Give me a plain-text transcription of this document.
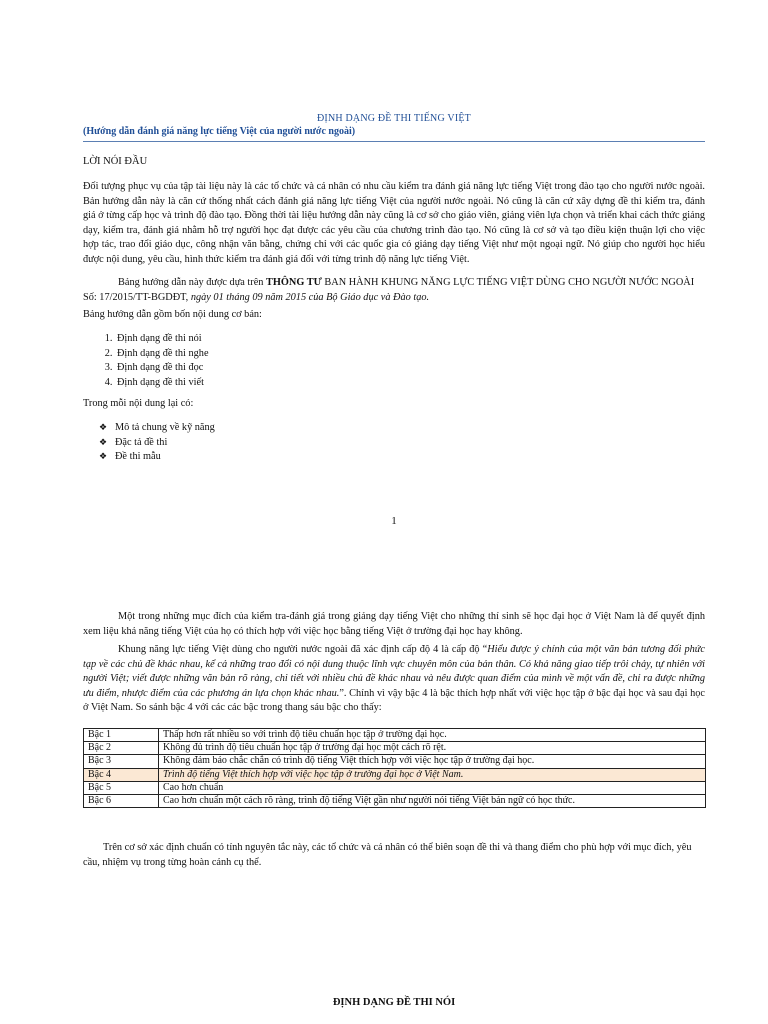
ĐỊNH DẠNG ĐỀ THI TIẾNG VIỆT
(Hướng dẫn đánh giá năng lực tiếng Việt của người nước ngoài)
LỜI NÓI ĐẦU

Đối tượng phục vụ của tập tài liệu này là các tổ chức và cá nhân có nhu cầu kiểm tra đánh giá năng lực tiếng Việt trong đào tạo cho người nước ngoài. Bản hướng dẫn này là căn cứ thống nhất cách đánh giá năng lực tiếng Việt của người nước ngoài. Nó cũng là căn cứ xây dựng đề thi kiểm tra, đánh giá ở từng cấp học và trình độ đào tạo. Đồng thời tài liệu hướng dẫn này cũng là cơ sở cho giáo viên, giảng viên lựa chọn và triển khai cách thức giảng dạy, kiểm tra, đánh giá nhằm hỗ trợ người học đạt được các yêu cầu của chương trình đào tạo. Nó cũng là cơ sở và tạo điều kiện thuận lợi cho việc hợp tác, trao đổi giáo dục, công nhận văn bằng, chứng chỉ với các quốc gia có giảng dạy tiếng Việt như một ngoại ngữ. Nó giúp cho người học hiểu được nội dung, yêu cầu, hình thức kiểm tra đánh giá đối với từng trình độ năng lực tiếng Việt.

Bảng hướng dẫn này được dựa trên THÔNG TƯ BAN HÀNH KHUNG NĂNG LỰC TIẾNG VIỆT DÙNG CHO NGƯỜI NƯỚC NGOÀI Số: 17/2015/TT-BGDĐT, ngày 01 tháng 09 năm 2015 của Bộ Giáo dục và Đào tạo.

Bảng hướng dẫn gồm bốn nội dung cơ bản:

1. Định dạng đề thi nói
2. Định dạng đề thi nghe
3. Định dạng đề thi đọc
4. Định dạng đề thi viết

Trong mỗi nội dung lại có:

❖ Mô tả chung về kỹ năng
❖ Đặc tả đề thi
❖ Đề thi mẫu
1

Một trong những mục đích của kiểm tra-đánh giá trong giảng dạy tiếng Việt cho những thí sinh sẽ học đại học ở Việt Nam là để quyết định xem liệu khả năng tiếng Việt của họ có thích hợp với việc học bằng tiếng Việt ở trường đại học hay không.

Khung năng lực tiếng Việt dùng cho người nước ngoài đã xác định cấp độ 4 là cấp độ “Hiểu được ý chính của một văn bản tương đối phức tạp về các chủ đề khác nhau, kể cả những trao đổi có nội dung thuộc lĩnh vực chuyên môn của bản thân. Có khả năng giao tiếp trôi chảy, tự nhiên với người Việt; viết được những văn bản rõ ràng, chi tiết với nhiều chủ đề khác nhau và nêu được quan điểm của mình về một vấn đề, chỉ ra được những ưu điểm, nhược điểm của các phương án lựa chọn khác nhau.”. Chính vì vậy bậc 4 là bậc thích hợp nhất với việc học tập ở bậc đại học và sau đại học ở Việt Nam. So sánh bậc 4 với các các bậc trong thang sáu bậc cho thấy:

Bậc 1	Thấp hơn rất nhiều so với trình độ tiêu chuẩn học tập ở trường đại học.
Bậc 2	Không đủ trình độ tiêu chuẩn học tập ở trường đại học một cách rõ rệt.
Bậc 3	Không đảm bảo chắc chắn có trình độ tiếng Việt thích hợp với việc học tập ở trường đại học.
Bậc 4	Trình độ tiếng Việt thích hợp với việc học tập ở trường đại học ở Việt Nam.
Bậc 5	Cao hơn chuẩn
Bậc 6	Cao hơn chuẩn một cách rõ ràng, trình độ tiếng Việt gần như người nói tiếng Việt bản ngữ có học thức.

Trên cơ sở xác định chuẩn có tính nguyên tắc này, các tổ chức và cá nhân có thể biên soạn đề thi và thang điểm cho phù hợp với mục đích, yêu cầu, nhiệm vụ trong từng hoàn cảnh cụ thể.

ĐỊNH DẠNG ĐỀ THI NÓI
